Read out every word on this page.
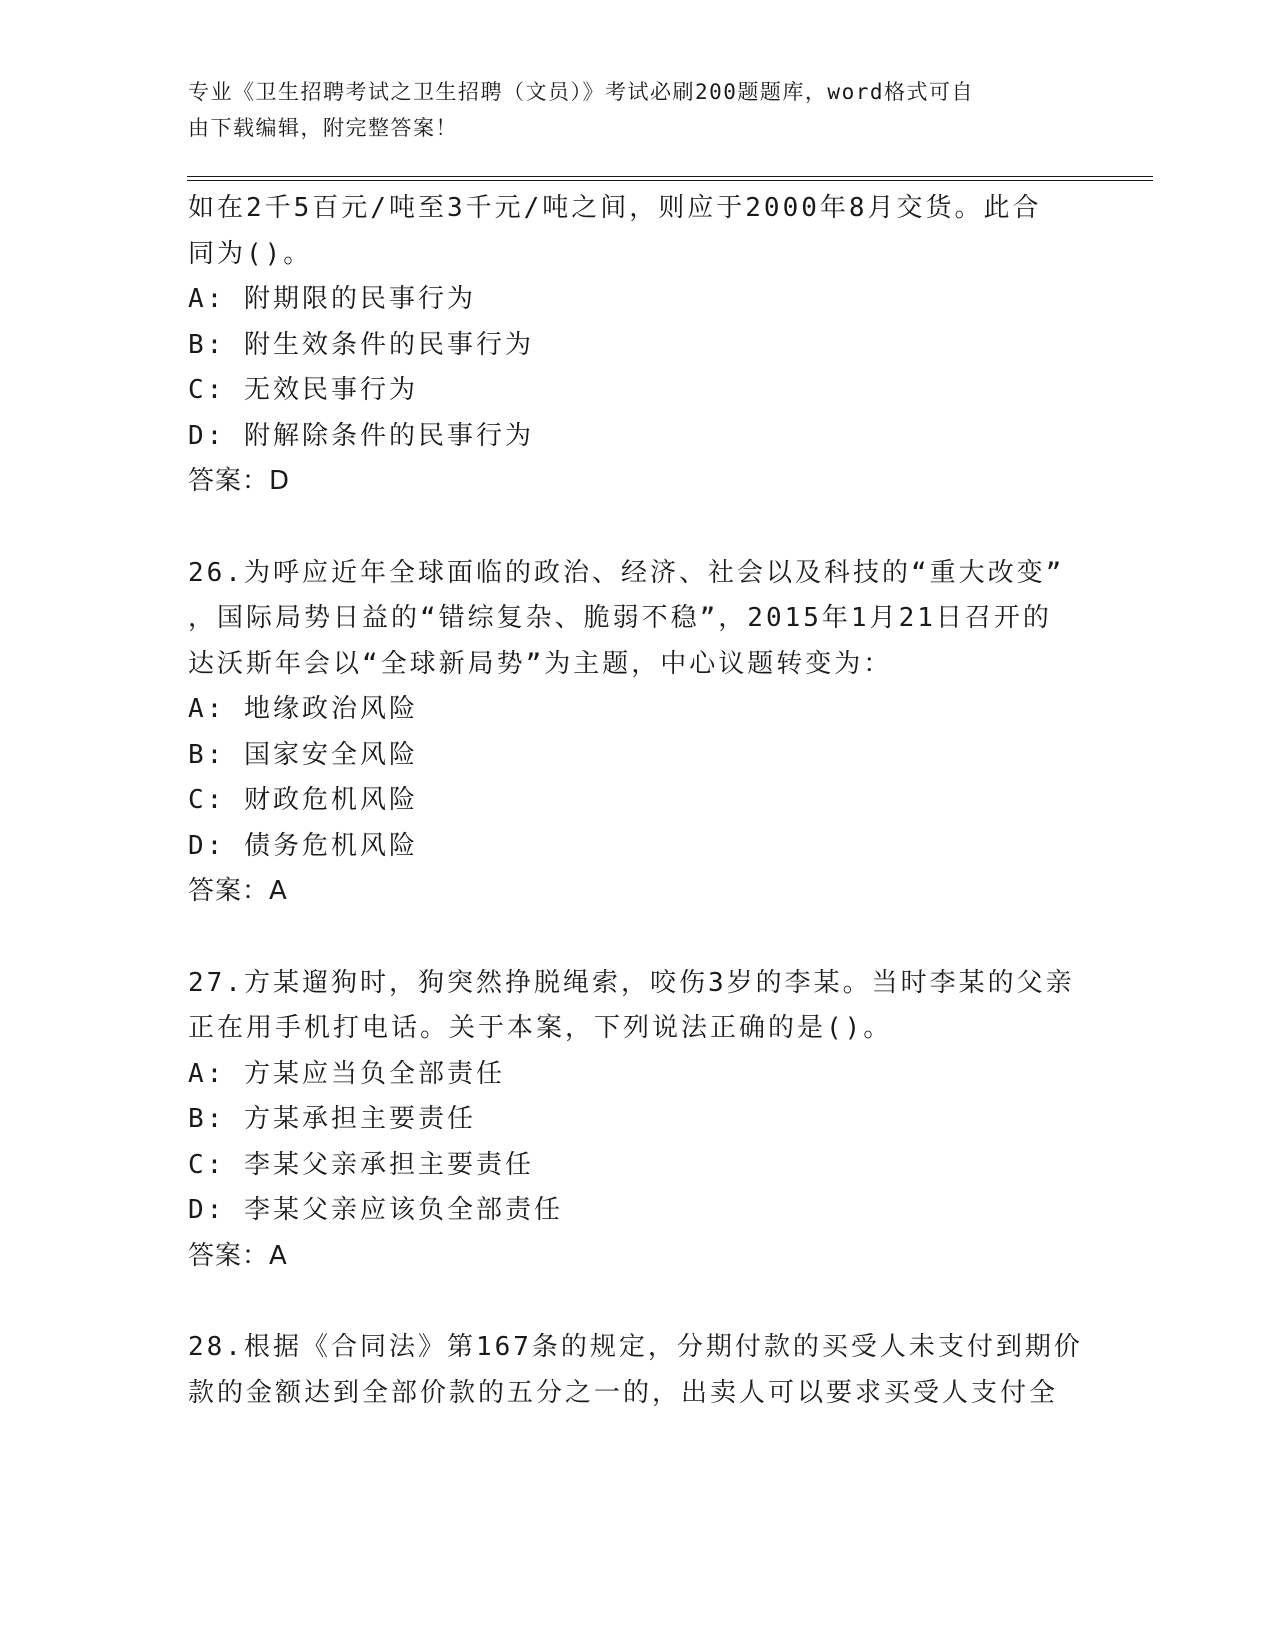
专业《卫生招聘考试之卫生招聘（文员）》考试必刷200题题库，word格式可自
由下载编辑，附完整答案！
如在2千5百元/吨至3千元/吨之间，则应于2000年8月交货。此合
同为()。
A: 附期限的民事行为
B: 附生效条件的民事行为
C: 无效民事行为
D: 附解除条件的民事行为
答案：D
26.为呼应近年全球面临的政治、经济、社会以及科技的“重大改变”
，国际局势日益的“错综复杂、脆弱不稳”，2015年1月21日召开的
达沃斯年会以“全球新局势”为主题，中心议题转变为：
A: 地缘政治风险
B: 国家安全风险
C: 财政危机风险
D: 债务危机风险
答案：A
27.方某遛狗时，狗突然挣脱绳索，咬伤3岁的李某。当时李某的父亲
正在用手机打电话。关于本案，下列说法正确的是()。
A: 方某应当负全部责任
B: 方某承担主要责任
C: 李某父亲承担主要责任
D: 李某父亲应该负全部责任
答案：A
28.根据《合同法》第167条的规定，分期付款的买受人未支付到期价
款的金额达到全部价款的五分之一的，出卖人可以要求买受人支付全
